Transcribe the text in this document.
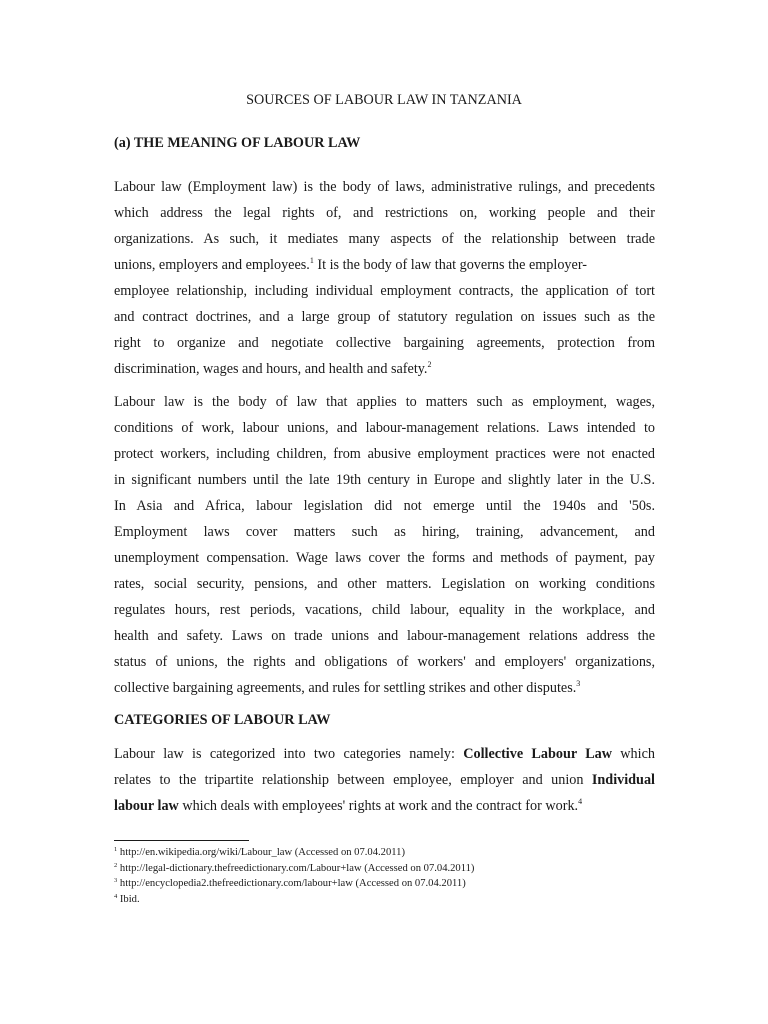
SOURCES OF LABOUR LAW IN TANZANIA
(a) THE MEANING OF LABOUR LAW
Labour law (Employment law) is the body of laws, administrative rulings, and precedents
which address the legal rights of, and restrictions on, working people and their
organizations. As such, it mediates many aspects of the relationship between trade
unions, employers and employees.$^1$ It is the body of law that governs the employer-
employee relationship, including individual employment contracts, the application of tort
and contract doctrines, and a large group of statutory regulation on issues such as the
right to organize and negotiate collective bargaining agreements, protection from
discrimination, wages and hours, and health and safety.$^2$
Labour law is the body of law that applies to matters such as employment, wages,
conditions of work, labour unions, and labour-management relations. Laws intended to
protect workers, including children, from abusive employment practices were not enacted
in significant numbers until the late 19th century in Europe and slightly later in the U.S.
In Asia and Africa, labour legislation did not emerge until the 1940s and '50s.
Employment laws cover matters such as hiring, training, advancement, and
unemployment compensation. Wage laws cover the forms and methods of payment, pay
rates, social security, pensions, and other matters. Legislation on working conditions
regulates hours, rest periods, vacations, child labour, equality in the workplace, and
health and safety. Laws on trade unions and labour-management relations address the
status of unions, the rights and obligations of workers' and employers' organizations,
collective bargaining agreements, and rules for settling strikes and other disputes.$^3$
CATEGORIES OF LABOUR LAW
Labour law is categorized into two categories namely: Collective Labour Law which
relates to the tripartite relationship between employee, employer and union Individual
labour law which deals with employees' rights at work and the contract for work.$^4$
$^1$ http://en.wikipedia.org/wiki/Labour_law (Accessed on 07.04.2011)
$^2$ http://legal-dictionary.thefreedictionary.com/Labour+law (Accessed on 07.04.2011)
$^3$ http://encyclopedia2.thefreedictionary.com/labour+law (Accessed on 07.04.2011)
$^4$ Ibid.
